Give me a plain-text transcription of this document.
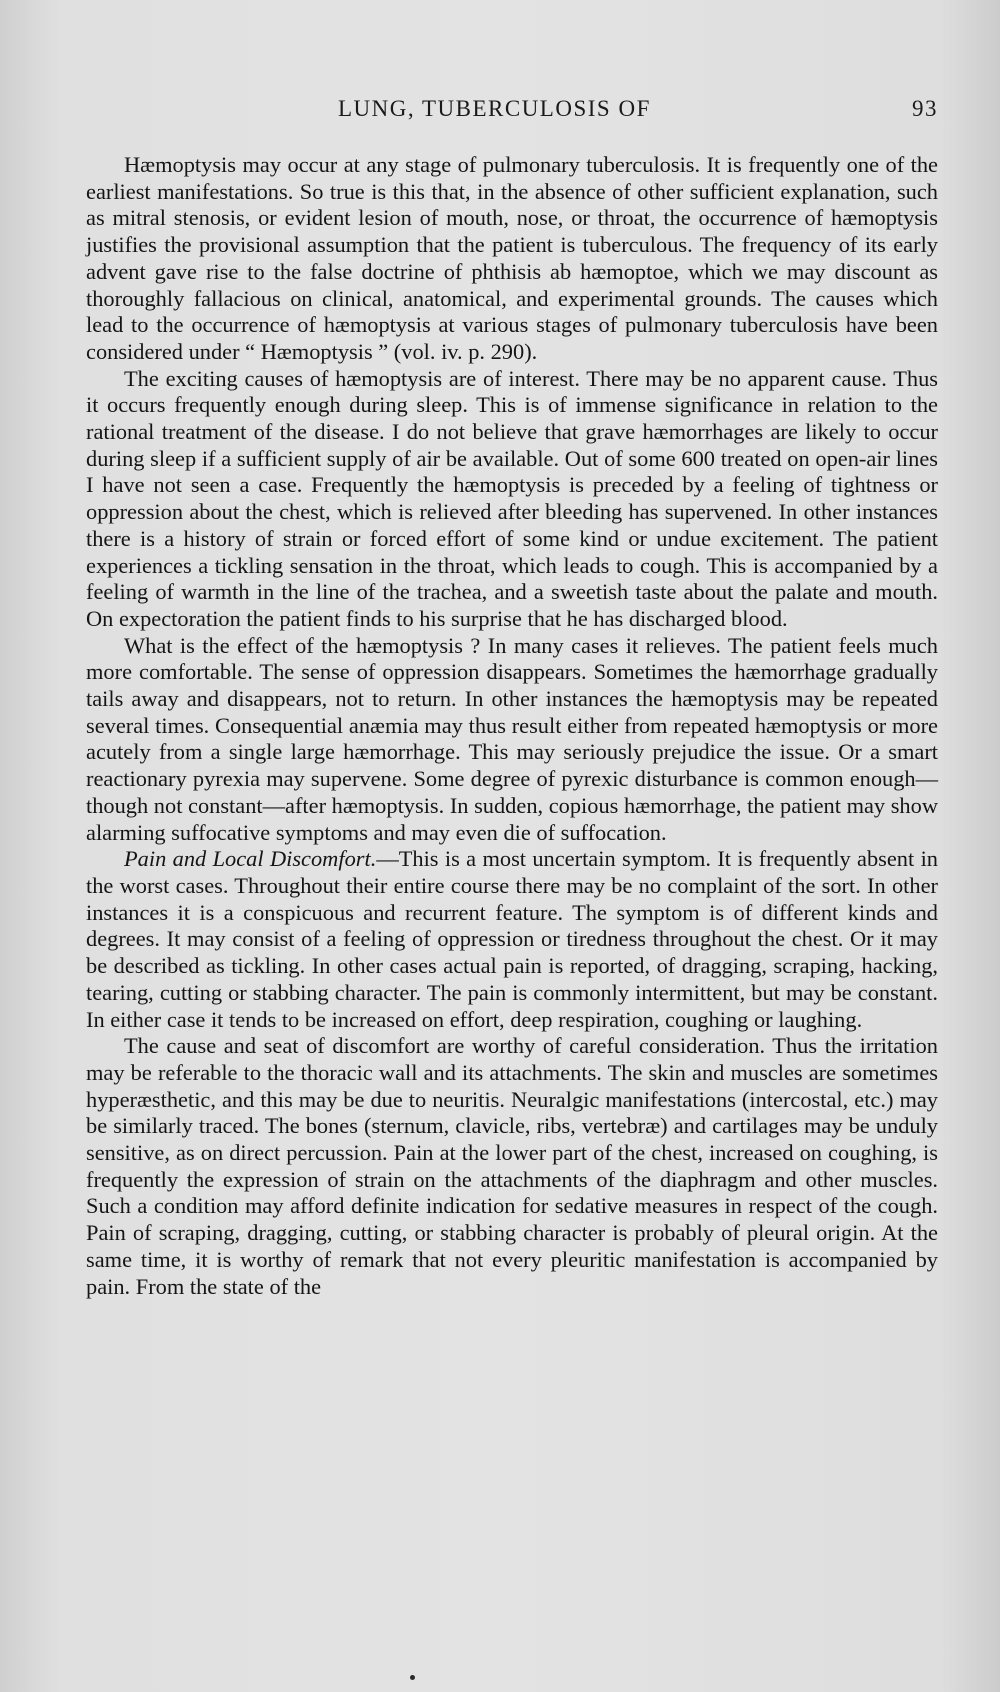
LUNG, TUBERCULOSIS OF	93

Hæmoptysis may occur at any stage of pulmonary tuberculosis. It is frequently one of the earliest manifestations. So true is this that, in the absence of other sufficient explanation, such as mitral stenosis, or evident lesion of mouth, nose, or throat, the occurrence of hæmoptysis justifies the provisional assumption that the patient is tuberculous. The frequency of its early advent gave rise to the false doctrine of phthisis ab hæmoptoe, which we may discount as thoroughly fallacious on clinical, anatomical, and experimental grounds. The causes which lead to the occurrence of hæmoptysis at various stages of pulmonary tuberculosis have been considered under “ Hæmoptysis ” (vol. iv. p. 290).

The exciting causes of hæmoptysis are of interest. There may be no apparent cause. Thus it occurs frequently enough during sleep. This is of immense significance in relation to the rational treatment of the disease. I do not believe that grave hæmorrhages are likely to occur during sleep if a sufficient supply of air be available. Out of some 600 treated on open-air lines I have not seen a case. Frequently the hæmoptysis is preceded by a feeling of tightness or oppression about the chest, which is relieved after bleeding has supervened. In other instances there is a history of strain or forced effort of some kind or undue excitement. The patient experiences a tickling sensation in the throat, which leads to cough. This is accompanied by a feeling of warmth in the line of the trachea, and a sweetish taste about the palate and mouth. On expectoration the patient finds to his surprise that he has discharged blood.

What is the effect of the hæmoptysis ? In many cases it relieves. The patient feels much more comfortable. The sense of oppression disappears. Sometimes the hæmorrhage gradually tails away and disappears, not to return. In other instances the hæmoptysis may be repeated several times. Consequential anæmia may thus result either from repeated hæmoptysis or more acutely from a single large hæmorrhage. This may seriously prejudice the issue. Or a smart reactionary pyrexia may supervene. Some degree of pyrexic disturbance is common enough—though not constant—after hæmoptysis. In sudden, copious hæmorrhage, the patient may show alarming suffocative symptoms and may even die of suffocation.

Pain and Local Discomfort.—This is a most uncertain symptom. It is frequently absent in the worst cases. Throughout their entire course there may be no complaint of the sort. In other instances it is a conspicuous and recurrent feature. The symptom is of different kinds and degrees. It may consist of a feeling of oppression or tiredness throughout the chest. Or it may be described as tickling. In other cases actual pain is reported, of dragging, scraping, hacking, tearing, cutting or stabbing character. The pain is commonly intermittent, but may be constant. In either case it tends to be increased on effort, deep respiration, coughing or laughing.

The cause and seat of discomfort are worthy of careful consideration. Thus the irritation may be referable to the thoracic wall and its attachments. The skin and muscles are sometimes hyperæsthetic, and this may be due to neuritis. Neuralgic manifestations (intercostal, etc.) may be similarly traced. The bones (sternum, clavicle, ribs, vertebræ) and cartilages may be unduly sensitive, as on direct percussion. Pain at the lower part of the chest, increased on coughing, is frequently the expression of strain on the attachments of the diaphragm and other muscles. Such a condition may afford definite indication for sedative measures in respect of the cough. Pain of scraping, dragging, cutting, or stabbing character is probably of pleural origin. At the same time, it is worthy of remark that not every pleuritic manifestation is accompanied by pain. From the state of the
